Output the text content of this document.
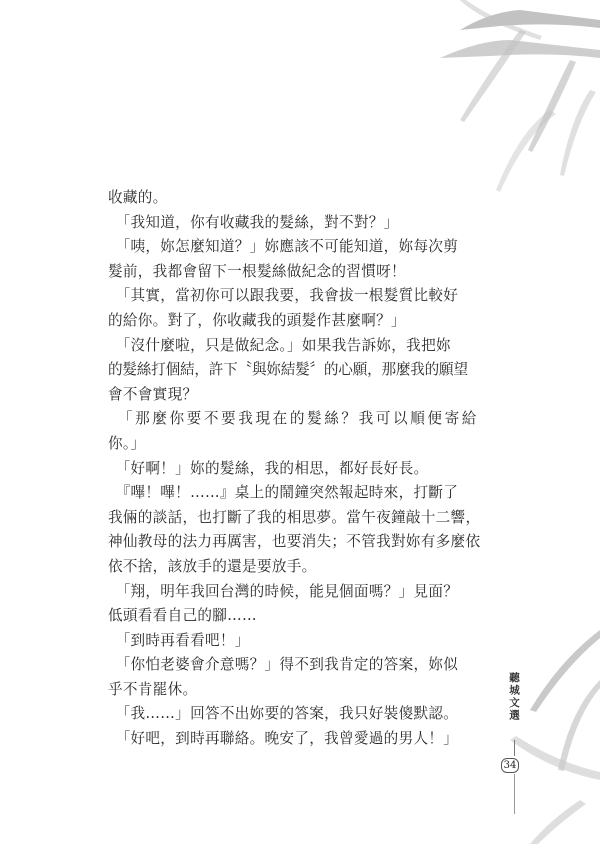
收藏的。
　「我知道，你有收藏我的髮絲，對不對？」
　「咦，妳怎麼知道？」妳應該不可能知道，妳每次剪
髮前，我都會留下一根髮絲做紀念的習慣呀！
　「其實，當初你可以跟我要，我會拔一根髮質比較好
的給你。對了，你收藏我的頭髮作甚麼啊？」
　「沒什麼啦，只是做紀念。」如果我告訴妳，我把妳
的髮絲打個結，許下〝與妳結髮〞的心願，那麼我的願望
會不會實現？
　「那麼你要不要我現在的髮絲？我可以順便寄給
你。」
　「好啊！」妳的髮絲，我的相思，都好長好長。
　『嗶！嗶！……』桌上的鬧鐘突然報起時來，打斷了
我倆的談話，也打斷了我的相思夢。當午夜鐘敲十二響，
神仙教母的法力再厲害，也要消失；不管我對妳有多麼依
依不捨，該放手的還是要放手。
　「翔，明年我回台灣的時候，能見個面嗎？」見面？
低頭看看自己的腳……
　「到時再看看吧！」
　「你怕老婆會介意嗎？」得不到我肯定的答案，妳似
乎不肯罷休。
　「我……」回答不出妳要的答案，我只好裝傻默認。
　「好吧，到時再聯絡。晚安了，我曾愛過的男人！」
聽城文選
34
